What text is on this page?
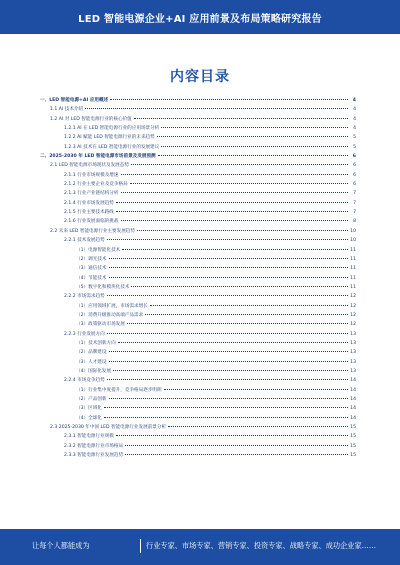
LED 智能电源企业+AI 应用前景及布局策略研究报告
内容目录
一、LED 智能电源+AI 应用概述	4
1.1 AI 技术介绍	4
1.2 AI 对 LED 智能电源行业的核心价值	4
1.2.1 AI 在 LED 智能电源行业的应用场景分析	4
1.2.2 AI 赋能 LED 智能电源行业的未来趋势	5
1.2.3 AI 技术在 LED 智能电源行业的发展建议	5
二、2025-2030 年 LED 智能电源市场前景及发展预测	6
2.1 LED 智能电源市场现状及发展态势	6
2.1.1 行业市场规模及增速	6
2.1.2 行业主要企业及竞争格局	6
2.1.3 行业产业链结构分析	7
2.1.4 行业市场发展趋势	7
2.1.5 行业主要技术路线	7
2.1.6 行业发展面临的挑战	8
2.2 未来 LED 智能电源行业主要发展趋势	10
2.2.1 技术发展趋势	10
（1）电源智能化技术	11
（2）调光技术	11
（3）通信技术	11
（4）节能技术	11
（5）数字化和模块化技术	11
2.2.2 市场需求趋势	12
（1）应用领域扩展，市场需求增长	12
（2）消费升级推动高端产品需求	12
（3）政策驱动市场发展	12
2.2.3 行业发展方向	13
（1）技术创新方向	13
（2）品牌建设	13
（3）人才建设	13
（4）国际化发展	13
2.2.4 市场竞争趋势	14
（1）行业集中度提升，竞争格局逐步明朗	14
（2）产品创新	14
（3）区域化	14
（4）全球化	14
2.3 2025-2030 年中国 LED 智能电源行业发展前景分析	15
2.3.1 智能电源行业规模	15
2.3.2 智能电源行业市场格局	15
2.3.3 智能电源行业发展趋势	15
让每个人都能成为	行业专家、市场专家、营销专家、投资专家、战略专家、成功企业家……
